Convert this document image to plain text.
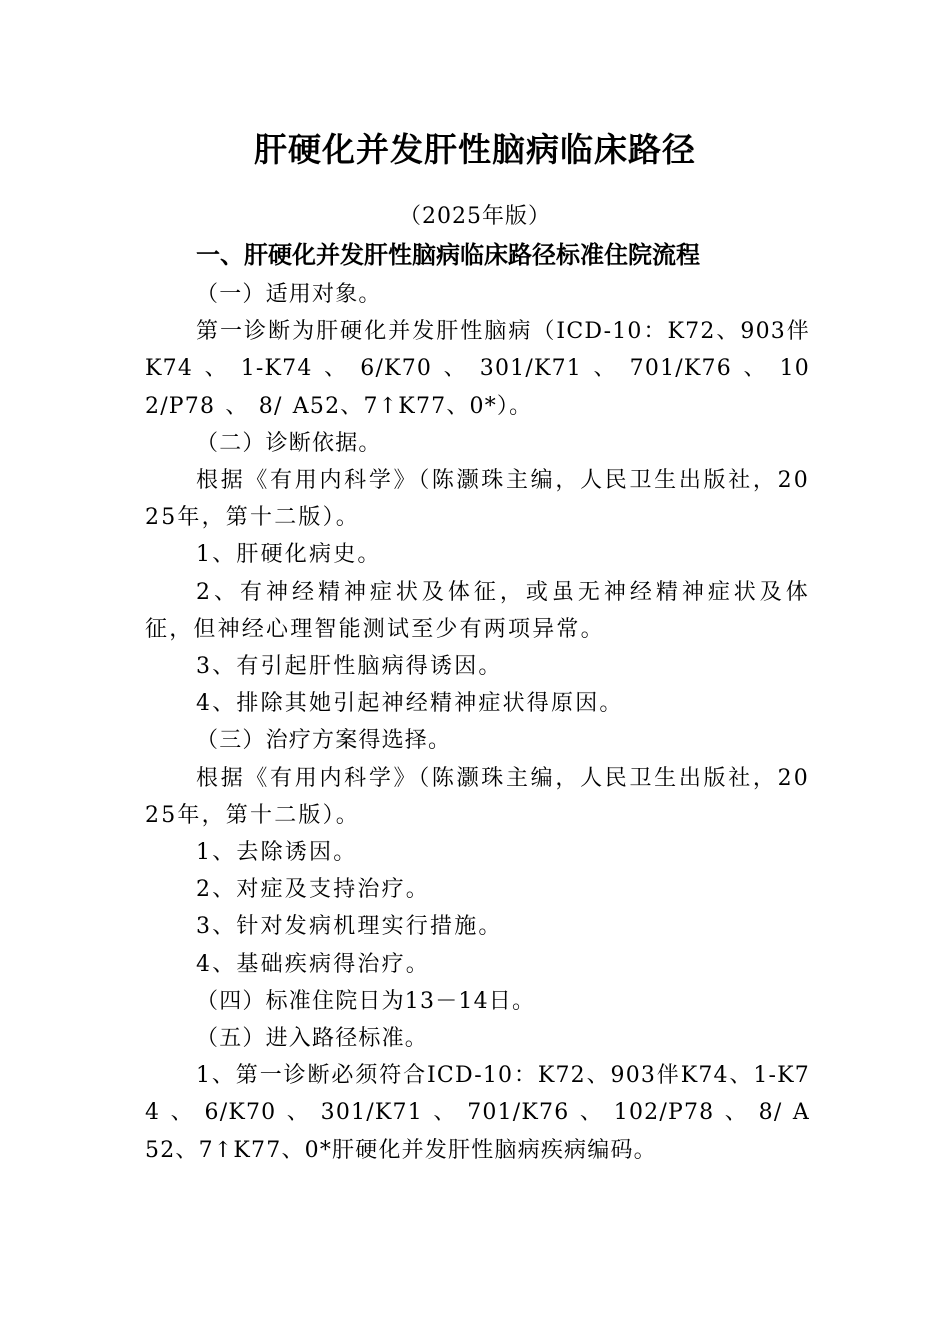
肝硬化并发肝性脑病临床路径
（2025年版）
一、肝硬化并发肝性脑病临床路径标准住院流程

（一）适用对象。

第一诊断为肝硬化并发肝性脑病（ICD-10：K72、903伴K74 、 1-K74 、 6/K70 、 301/K71 、 701/K76 、 102/P78 、 8/ A52、7↑K77、0*）。

（二）诊断依据。

根据《有用内科学》（陈灏珠主编，人民卫生出版社，2025年，第十二版）。

1、肝硬化病史。

2、有神经精神症状及体征，或虽无神经精神症状及体征，但神经心理智能测试至少有两项异常。

3、有引起肝性脑病得诱因。

4、排除其她引起神经精神症状得原因。

（三）治疗方案得选择。

根据《有用内科学》（陈灏珠主编，人民卫生出版社，2025年，第十二版）。

1、去除诱因。

2、对症及支持治疗。

3、针对发病机理实行措施。

4、基础疾病得治疗。

（四）标准住院日为13－14日。

（五）进入路径标准。

1、第一诊断必须符合ICD-10：K72、903伴K74、1-K74 、 6/K70 、 301/K71 、 701/K76 、 102/P78 、 8/ A52、7↑K77、0*肝硬化并发肝性脑病疾病编码。
